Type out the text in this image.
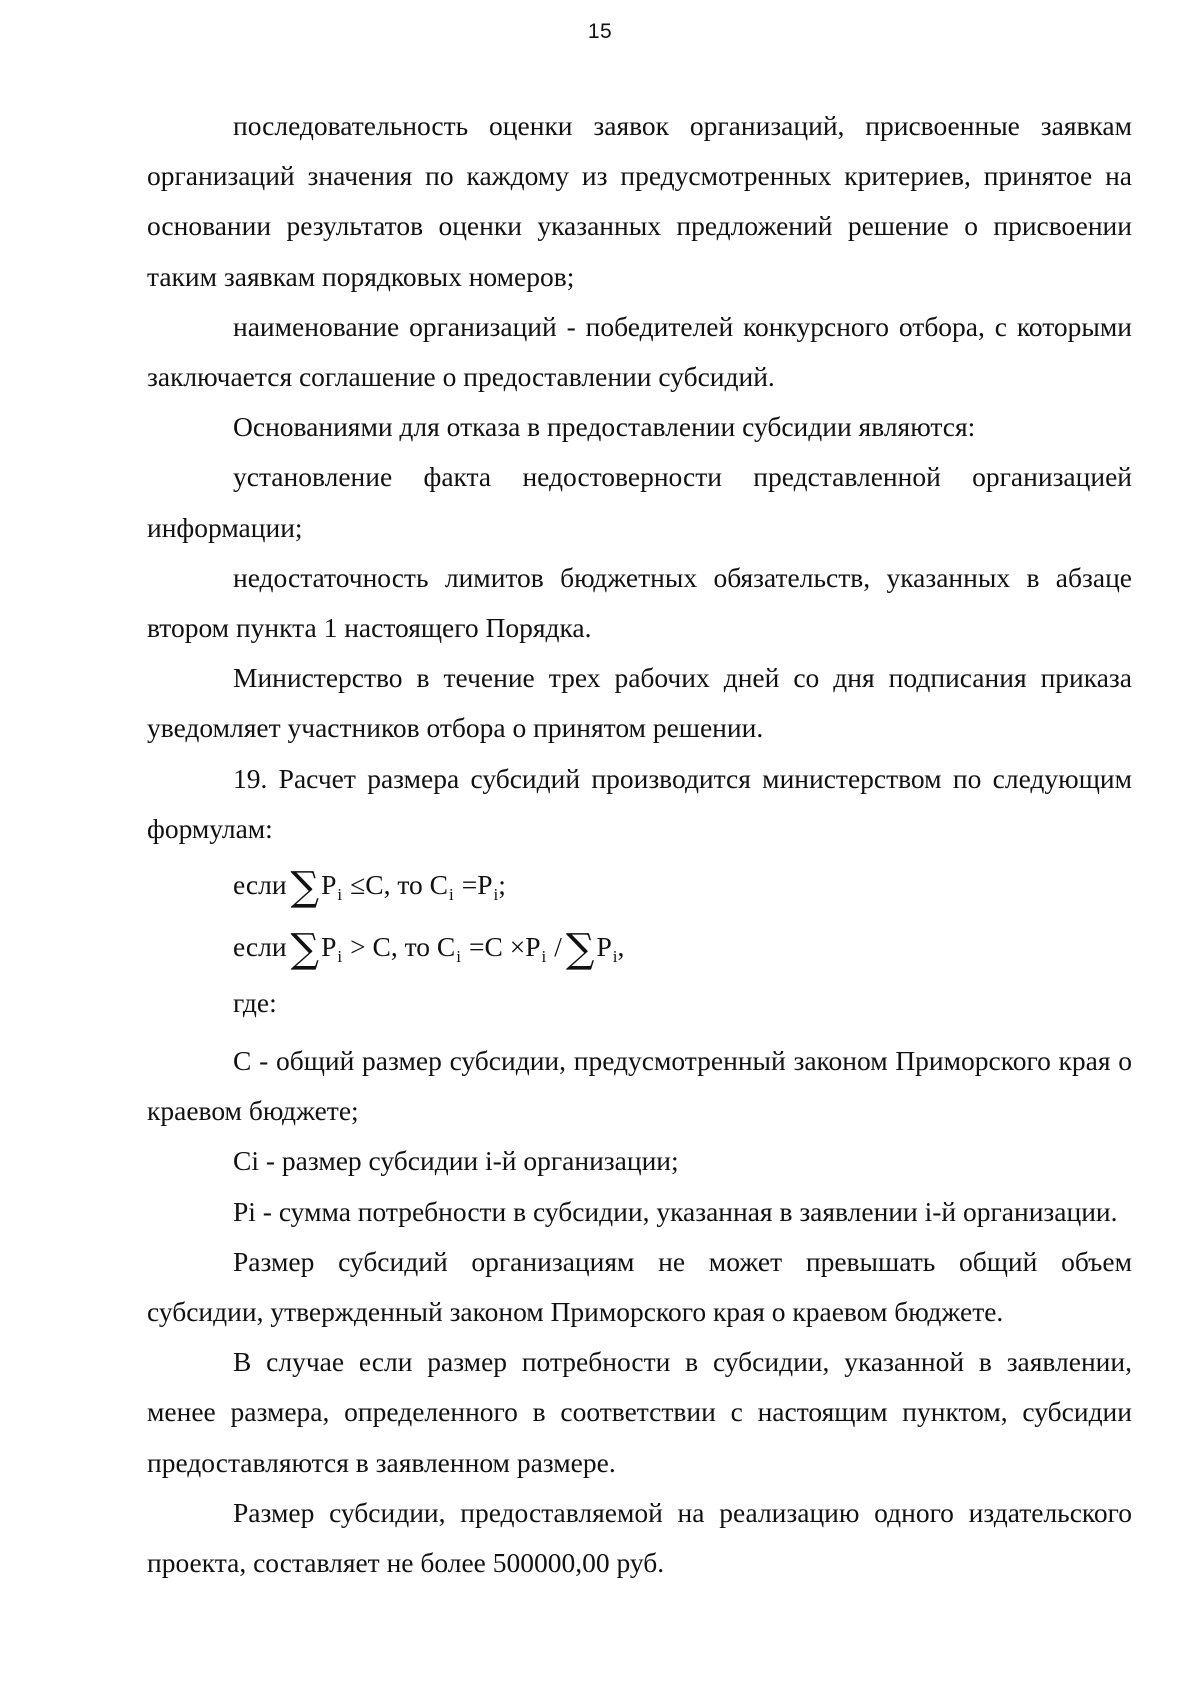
15

последовательность оценки заявок организаций, присвоенные заявкам организаций значения по каждому из предусмотренных критериев, принятое на основании результатов оценки указанных предложений решение о присвоении таким заявкам порядковых номеров;

наименование организаций - победителей конкурсного отбора, с которыми заключается соглашение о предоставлении субсидий.

Основаниями для отказа в предоставлении субсидии являются:

установление факта недостоверности представленной организацией информации;

недостаточность лимитов бюджетных обязательств, указанных в абзаце втором пункта 1 настоящего Порядка.

Министерство в течение трех рабочих дней со дня подписания приказа уведомляет участников отбора о принятом решении.

19. Расчет размера субсидий производится министерством по следующим формулам:

если $\sum P_i \le C$, то $C_i =P_i$;
если $\sum P_i > C$, то $C_i =C \times P_i / \sum P_i$,
где:

С - общий размер субсидии, предусмотренный законом Приморского края о краевом бюджете;

Сi - размер субсидии i-й организации;

Pi - сумма потребности в субсидии, указанная в заявлении i-й организации.

Размер субсидий организациям не может превышать общий объем субсидии, утвержденный законом Приморского края о краевом бюджете.

В случае если размер потребности в субсидии, указанной в заявлении, менее размера, определенного в соответствии с настоящим пунктом, субсидии предоставляются в заявленном размере.

Размер субсидии, предоставляемой на реализацию одного издательского проекта, составляет не более 500000,00 руб.
